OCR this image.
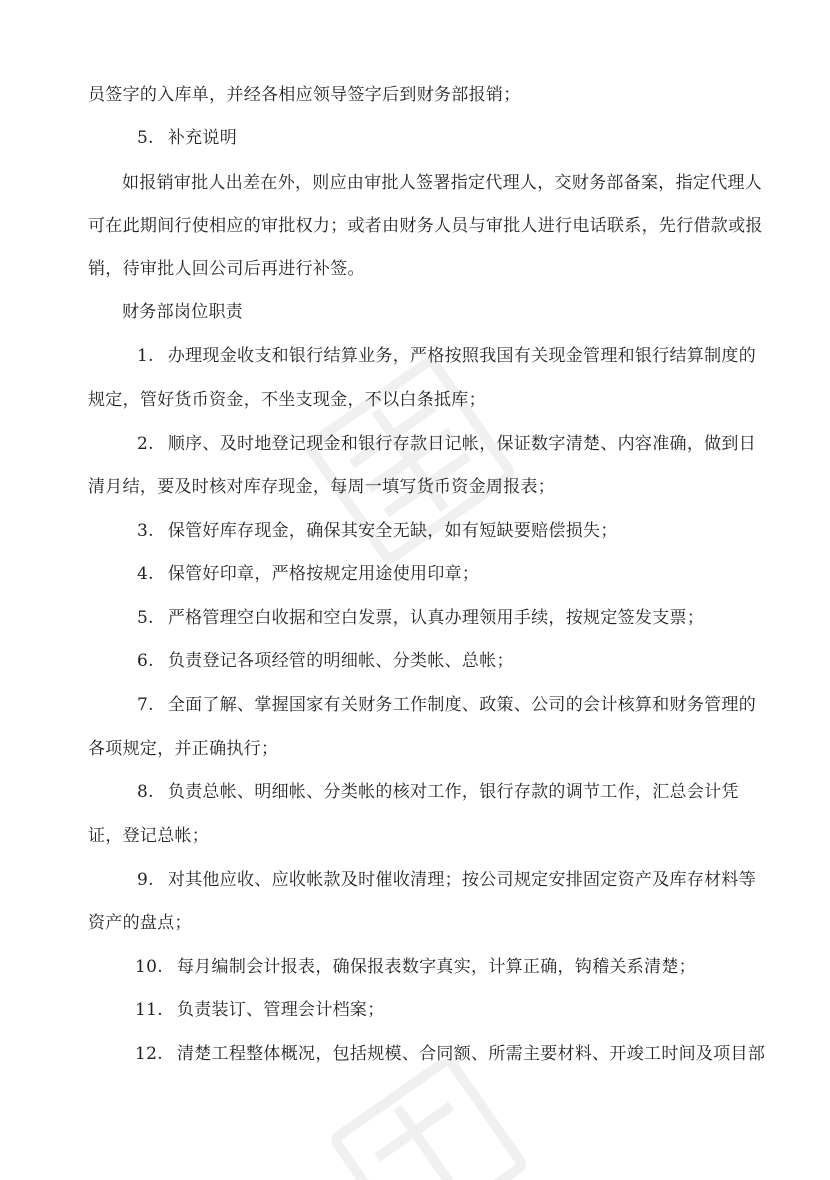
员签字的入库单，并经各相应领导签字后到财务部报销；
5. 补充说明
如报销审批人出差在外，则应由审批人签署指定代理人，交财务部备案，指定代理人
可在此期间行使相应的审批权力；或者由财务人员与审批人进行电话联系，先行借款或报
销，待审批人回公司后再进行补签。
财务部岗位职责
1. 办理现金收支和银行结算业务，严格按照我国有关现金管理和银行结算制度的
规定，管好货币资金，不坐支现金，不以白条抵库；
2. 顺序、及时地登记现金和银行存款日记帐，保证数字清楚、内容准确，做到日
清月结，要及时核对库存现金，每周一填写货币资金周报表；
3. 保管好库存现金，确保其安全无缺，如有短缺要赔偿损失；
4. 保管好印章，严格按规定用途使用印章；
5. 严格管理空白收据和空白发票，认真办理领用手续，按规定签发支票；
6. 负责登记各项经管的明细帐、分类帐、总帐；
7. 全面了解、掌握国家有关财务工作制度、政策、公司的会计核算和财务管理的
各项规定，并正确执行；
8. 负责总帐、明细帐、分类帐的核对工作，银行存款的调节工作，汇总会计凭
证，登记总帐；
9. 对其他应收、应收帐款及时催收清理；按公司规定安排固定资产及库存材料等
资产的盘点；
10. 每月编制会计报表，确保报表数字真实，计算正确，钩稽关系清楚；
11. 负责装订、管理会计档案；
12. 清楚工程整体概况，包括规模、合同额、所需主要材料、开竣工时间及项目部
